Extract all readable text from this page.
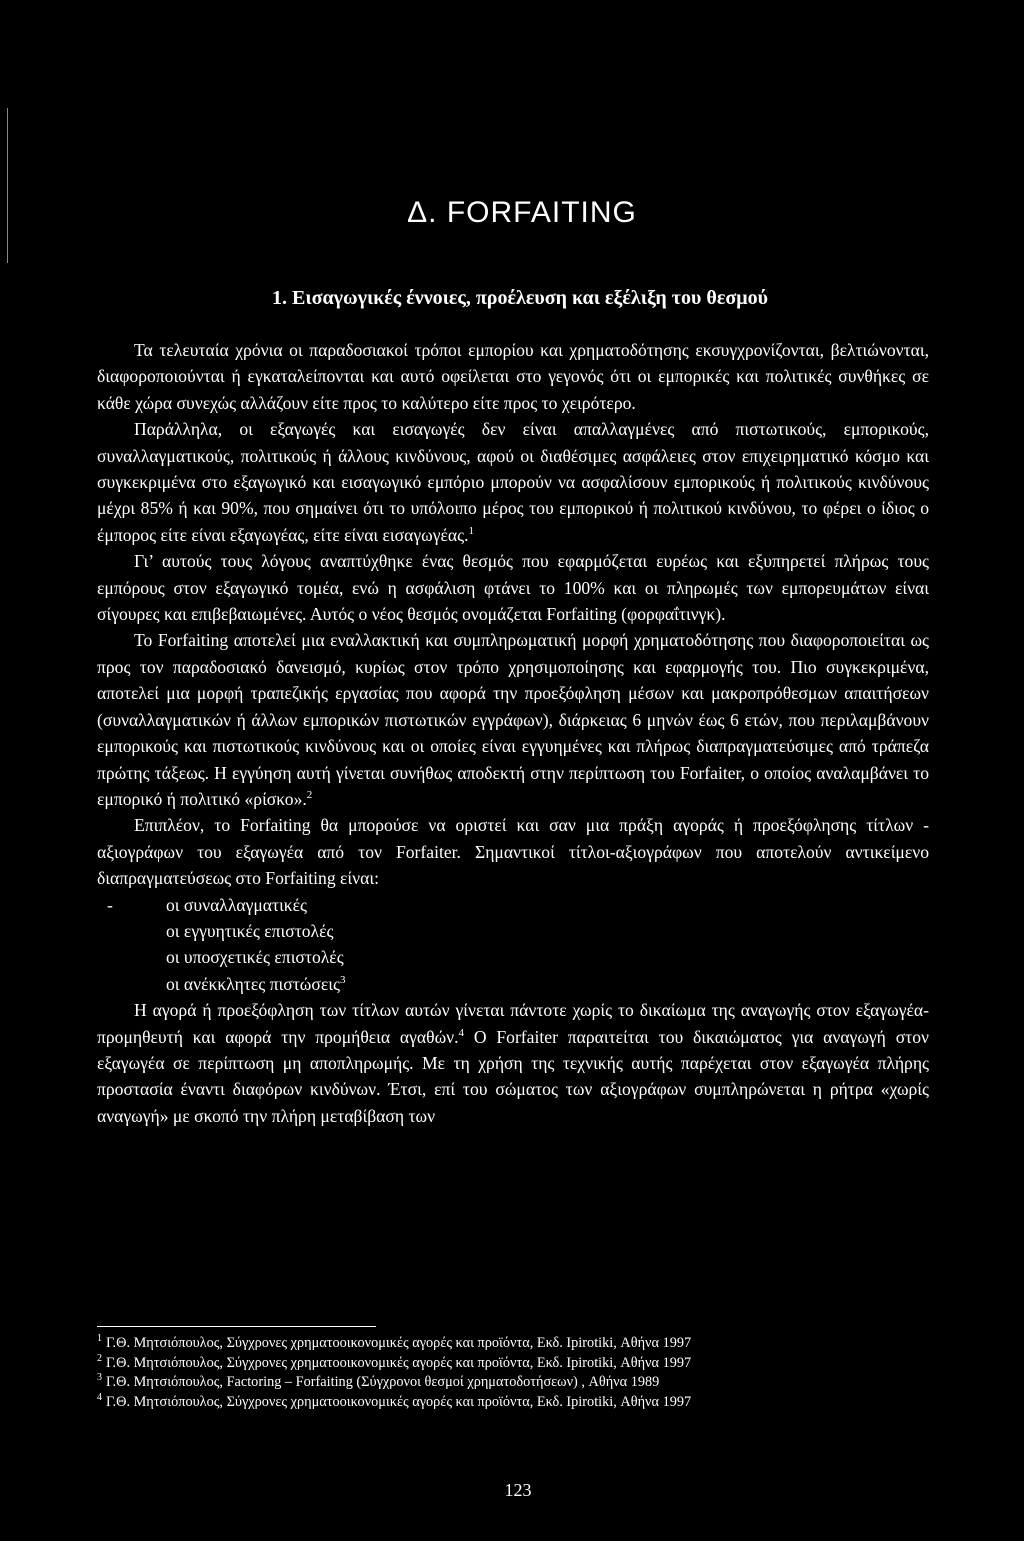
Δ. FORFAITING
1. Εισαγωγικές έννοιες, προέλευση και εξέλιξη του θεσμού

Τα τελευταία χρόνια οι παραδοσιακοί τρόποι εμπορίου και χρηματοδότησης εκσυγχρονίζονται, βελτιώνονται, διαφοροποιούνται ή εγκαταλείπονται και αυτό οφείλεται στο γεγονός ότι οι εμπορικές και πολιτικές συνθήκες σε κάθε χώρα συνεχώς αλλάζουν είτε προς το καλύτερο είτε προς το χειρότερο.

Παράλληλα, οι εξαγωγές και εισαγωγές δεν είναι απαλλαγμένες από πιστωτικούς, εμπορικούς, συναλλαγματικούς, πολιτικούς ή άλλους κινδύνους, αφού οι διαθέσιμες ασφάλειες στον επιχειρηματικό κόσμο και συγκεκριμένα στο εξαγωγικό και εισαγωγικό εμπόριο μπορούν να ασφαλίσουν εμπορικούς ή πολιτικούς κινδύνους μέχρι 85% ή και 90%, που σημαίνει ότι το υπόλοιπο μέρος του εμπορικού ή πολιτικού κινδύνου, το φέρει ο ίδιος ο έμπορος είτε είναι εξαγωγέας, είτε είναι εισαγωγέας.$^1$

Γι’ αυτούς τους λόγους αναπτύχθηκε ένας θεσμός που εφαρμόζεται ευρέως και εξυπηρετεί πλήρως τους εμπόρους στον εξαγωγικό τομέα, ενώ η ασφάλιση φτάνει το 100% και οι πληρωμές των εμπορευμάτων είναι σίγουρες και επιβεβαιωμένες. Αυτός ο νέος θεσμός ονομάζεται Forfaiting (φορφαΐτινγκ).

Το Forfaiting αποτελεί μια εναλλακτική και συμπληρωματική μορφή χρηματοδότησης που διαφοροποιείται ως προς τον παραδοσιακό δανεισμό, κυρίως στον τρόπο χρησιμοποίησης και εφαρμογής του. Πιο συγκεκριμένα, αποτελεί μια μορφή τραπεζικής εργασίας που αφορά την προεξόφληση μέσων και μακροπρόθεσμων απαιτήσεων (συναλλαγματικών ή άλλων εμπορικών πιστωτικών εγγράφων), διάρκειας 6 μηνών έως 6 ετών, που περιλαμβάνουν εμπορικούς και πιστωτικούς κινδύνους και οι οποίες είναι εγγυημένες και πλήρως διαπραγματεύσιμες από τράπεζα πρώτης τάξεως. Η εγγύηση αυτή γίνεται συνήθως αποδεκτή στην περίπτωση του Forfaiter, ο οποίος αναλαμβάνει το εμπορικό ή πολιτικό «ρίσκο».$^2$

Επιπλέον, το Forfaiting θα μπορούσε να οριστεί και σαν μια πράξη αγοράς ή προεξόφλησης τίτλων - αξιογράφων του εξαγωγέα από τον Forfaiter. Σημαντικοί τίτλοι-αξιογράφων που αποτελούν αντικείμενο διαπραγματεύσεως στο Forfaiting είναι:

-	οι συναλλαγματικές
οι εγγυητικές επιστολές
οι υποσχετικές επιστολές
οι ανέκκλητες πιστώσεις$^3$

Η αγορά ή προεξόφληση των τίτλων αυτών γίνεται πάντοτε χωρίς το δικαίωμα της αναγωγής στον εξαγωγέα-προμηθευτή και αφορά την προμήθεια αγαθών.$^4$ Ο Forfaiter παραιτείται του δικαιώματος για αναγωγή στον εξαγωγέα σε περίπτωση μη αποπληρωμής. Με τη χρήση της τεχνικής αυτής παρέχεται στον εξαγωγέα πλήρης προστασία έναντι διαφόρων κινδύνων. Έτσι, επί του σώματος των αξιογράφων συμπληρώνεται η ρήτρα «χωρίς αναγωγή» με σκοπό την πλήρη μεταβίβαση των

$^1$ Γ.Θ. Μητσιόπουλος, Σύγχρονες χρηματοοικονομικές αγορές και προϊόντα, Εκδ. Ipirotiki, Αθήνα 1997
$^2$ Γ.Θ. Μητσιόπουλος, Σύγχρονες χρηματοοικονομικές αγορές και προϊόντα, Εκδ. Ipirotiki, Αθήνα 1997
$^3$ Γ.Θ. Μητσιόπουλος, Factoring – Forfaiting (Σύγχρονοι θεσμοί χρηματοδοτήσεων) , Αθήνα 1989
$^4$ Γ.Θ. Μητσιόπουλος, Σύγχρονες χρηματοοικονομικές αγορές και προϊόντα, Εκδ. Ipirotiki, Αθήνα 1997
123
